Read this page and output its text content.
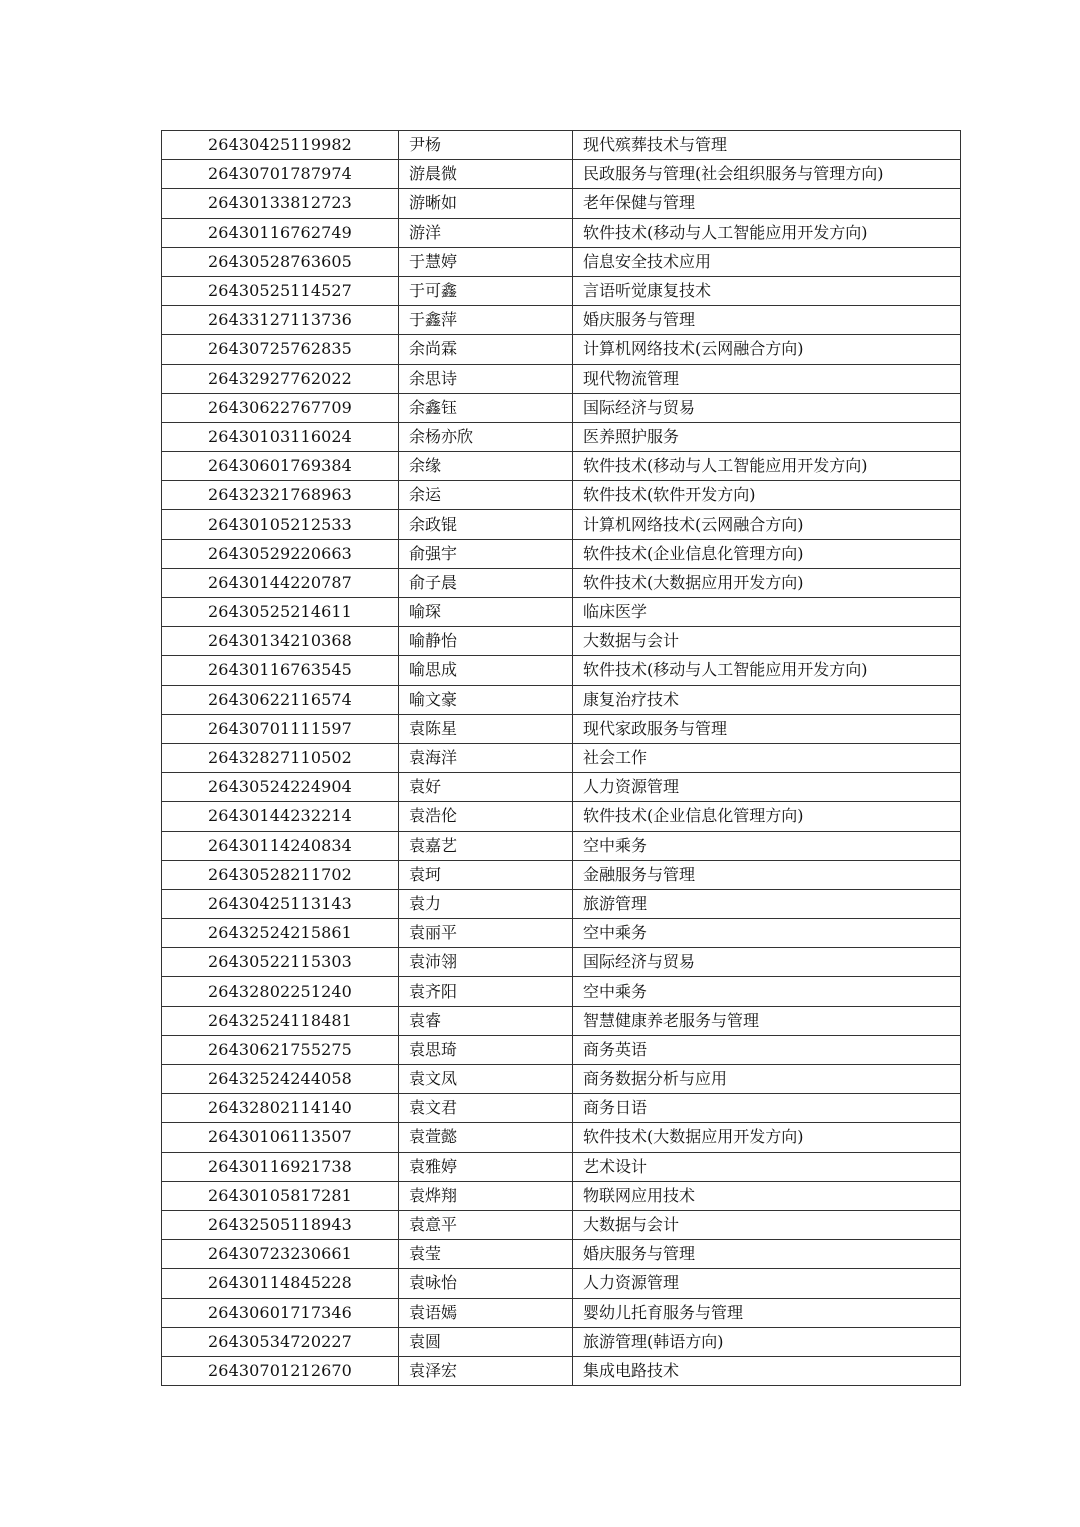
26430425119982	尹杨	现代殡葬技术与管理
26430701787974	游晨微	民政服务与管理(社会组织服务与管理方向)
26430133812723	游晰如	老年保健与管理
26430116762749	游洋	软件技术(移动与人工智能应用开发方向)
26430528763605	于慧婷	信息安全技术应用
26430525114527	于可鑫	言语听觉康复技术
26433127113736	于鑫萍	婚庆服务与管理
26430725762835	余尚霖	计算机网络技术(云网融合方向)
26432927762022	余思诗	现代物流管理
26430622767709	余鑫钰	国际经济与贸易
26430103116024	余杨亦欣	医养照护服务
26430601769384	余缘	软件技术(移动与人工智能应用开发方向)
26432321768963	余运	软件技术(软件开发方向)
26430105212533	余政锟	计算机网络技术(云网融合方向)
26430529220663	俞强宇	软件技术(企业信息化管理方向)
26430144220787	俞子晨	软件技术(大数据应用开发方向)
26430525214611	喻琛	临床医学
26430134210368	喻静怡	大数据与会计
26430116763545	喻思成	软件技术(移动与人工智能应用开发方向)
26430622116574	喻文豪	康复治疗技术
26430701111597	袁陈星	现代家政服务与管理
26432827110502	袁海洋	社会工作
26430524224904	袁好	人力资源管理
26430144232214	袁浩伦	软件技术(企业信息化管理方向)
26430114240834	袁嘉艺	空中乘务
26430528211702	袁珂	金融服务与管理
26430425113143	袁力	旅游管理
26432524215861	袁丽平	空中乘务
26430522115303	袁沛翎	国际经济与贸易
26432802251240	袁齐阳	空中乘务
26432524118481	袁睿	智慧健康养老服务与管理
26430621755275	袁思琦	商务英语
26432524244058	袁文凤	商务数据分析与应用
26432802114140	袁文君	商务日语
26430106113507	袁萱懿	软件技术(大数据应用开发方向)
26430116921738	袁雅婷	艺术设计
26430105817281	袁烨翔	物联网应用技术
26432505118943	袁意平	大数据与会计
26430723230661	袁莹	婚庆服务与管理
26430114845228	袁咏怡	人力资源管理
26430601717346	袁语嫣	婴幼儿托育服务与管理
26430534720227	袁圆	旅游管理(韩语方向)
26430701212670	袁泽宏	集成电路技术
